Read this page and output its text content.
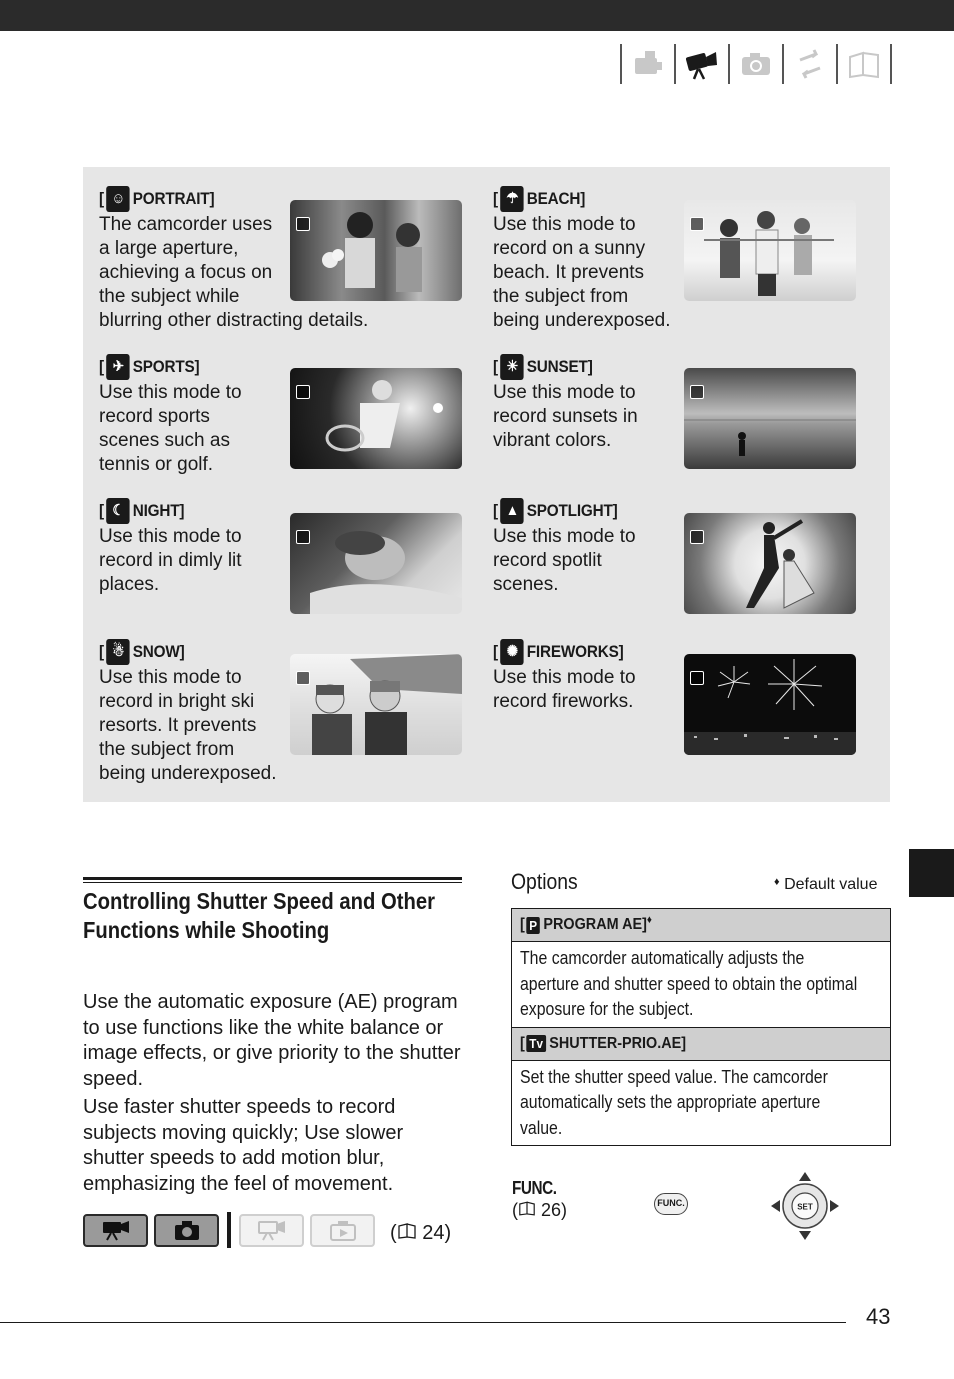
[ ☺ PORTRAIT]
The camcorder uses
a large aperture,
achieving a focus on
the subject while
blurring other distracting details.
[ ☂ BEACH]
Use this mode to
record on a sunny
beach. It prevents
the subject from
being underexposed.
[ ✈ SPORTS]
Use this mode to
record sports
scenes such as
tennis or golf.
[ ☀ SUNSET]
Use this mode to
record sunsets in
vibrant colors.
[ ☾ NIGHT]
Use this mode to
record in dimly lit
places.
[ ▲ SPOTLIGHT]
Use this mode to
record spotlit
scenes.
[ ☃ SNOW]
Use this mode to
record in bright ski
resorts. It prevents
the subject from
being underexposed.
[ ✺ FIREWORKS]
Use this mode to
record fireworks.
Controlling Shutter Speed and Other
Functions while Shooting

Use the automatic exposure (AE) program to use functions like the white balance or image effects, or give priority to the shutter speed.

Use faster shutter speeds to record subjects moving quickly; Use slower shutter speeds to add motion blur, emphasizing the feel of movement.

( 24)
Options	♦ Default value
[ P PROGRAM AE] ♦
The camcorder automatically adjusts the
aperture and shutter speed to obtain the optimal
exposure for the subject.
[ Tv SHUTTER-PRIO.AE]
Set the shutter speed value. The camcorder
automatically sets the appropriate aperture
value.
FUNC.
( 26)	FUNC.	SET
43
